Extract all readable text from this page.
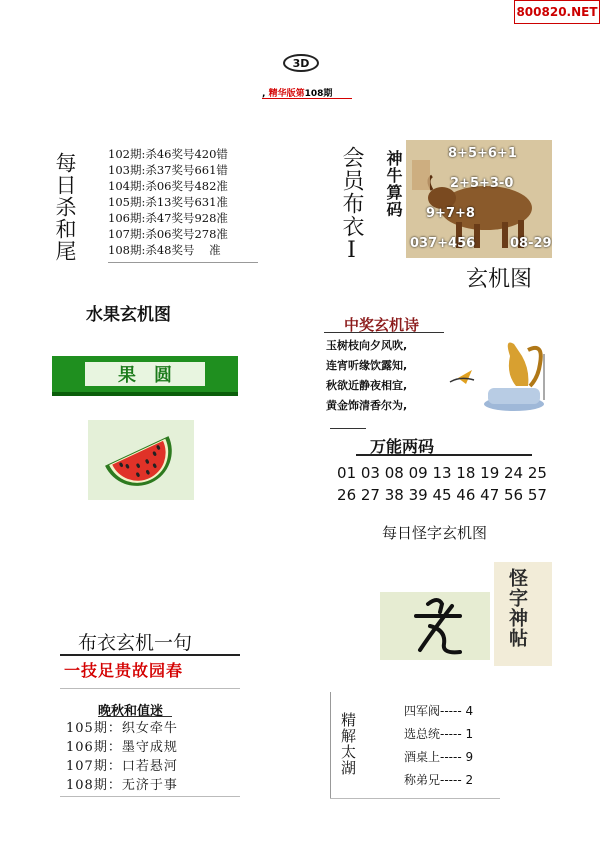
800820.NET
3D
, 精华版第108期
每日杀和尾	102期:杀46奖号420错
103期:杀37奖号661错
104期:杀06奖号482准
105期:杀13奖号631准
106期:杀47奖号928准
107期:杀06奖号278准
108期:杀48奖号    准
水果玄机图
果圆
布衣玄机一句
一技足贵故园春
晚秋和值迷
105期：织女牵牛
106期：墨守成规
107期：口若悬河
108期：无济于事
会员布衣I 神牛算码	8+5+6+1
2+5+3-0
9+7+8
037+456	08-29
玄机图
中奖玄机诗

玉树枝向夕风吹,

连宵听缘饮露知,

秋欲近静夜相宜,

黄金饰清香尔为,

万能两码
01 03 08 09 13 18 19 24 25
26 27 38 39 45 46 47 56 57
每日怪字玄机图
怪字神帖
精解太湖
四军阀----- 4
选总统----- 1
酒桌上----- 9
称弟兄----- 2
